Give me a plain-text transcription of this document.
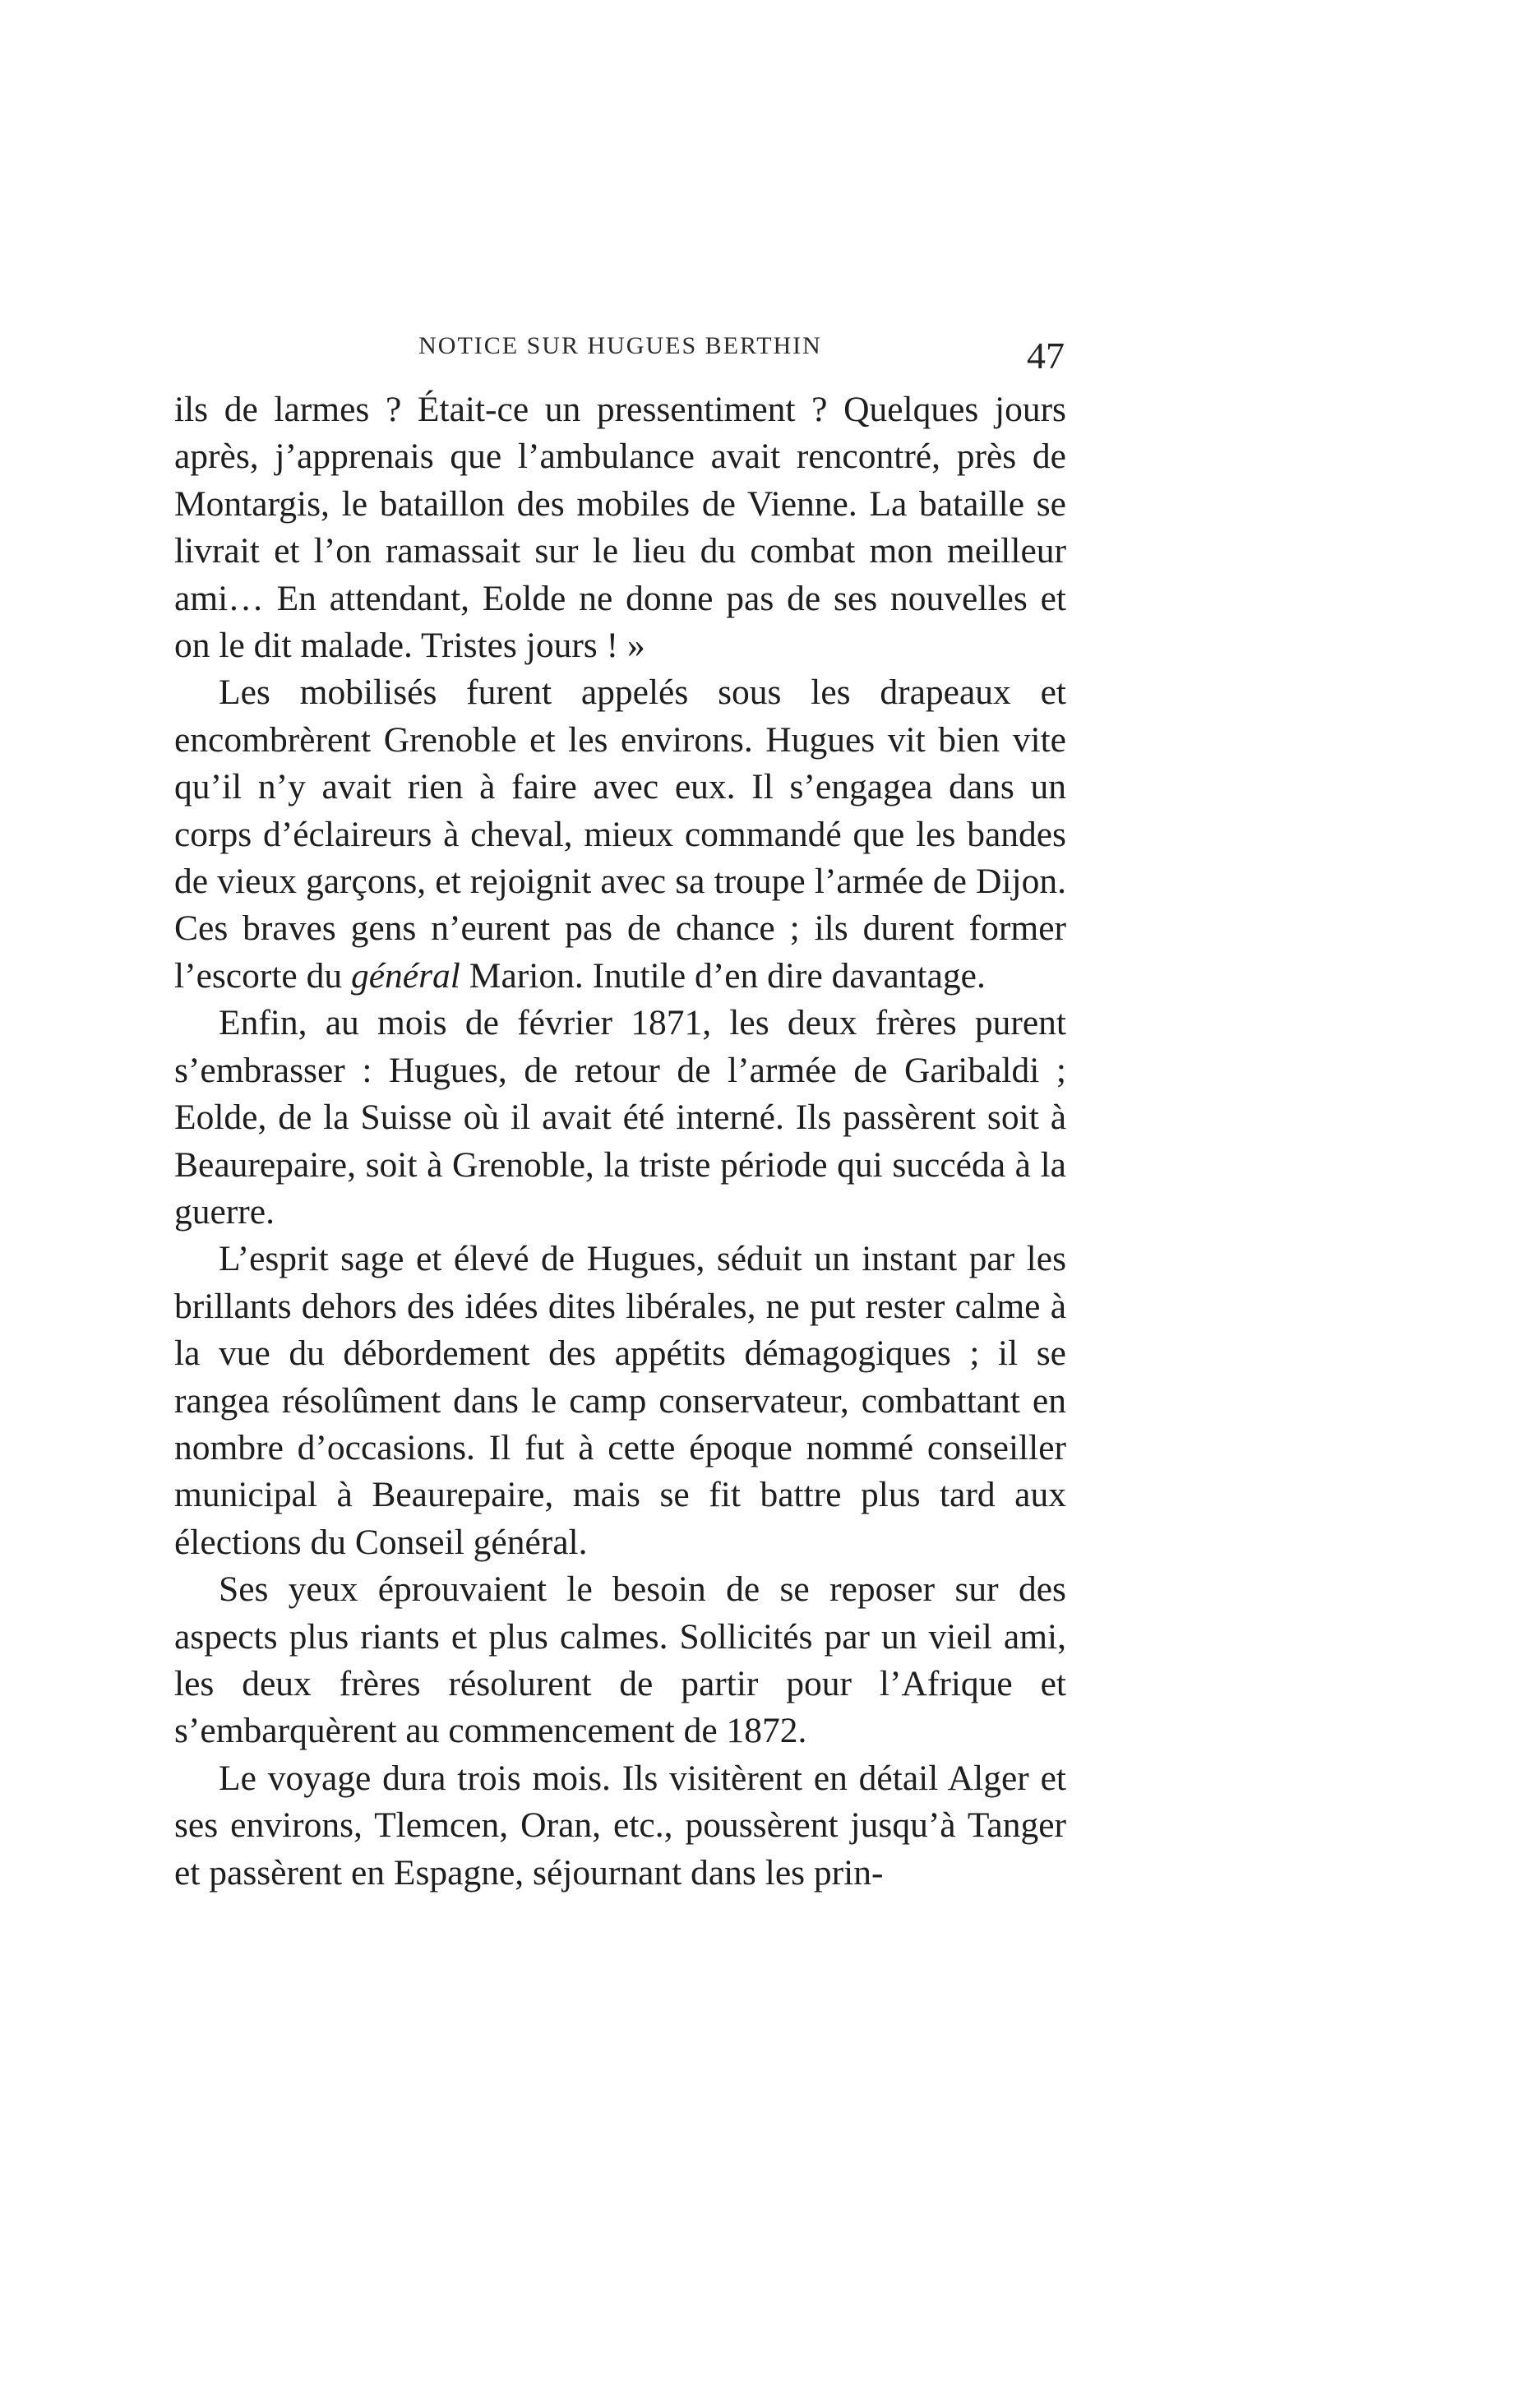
NOTICE SUR HUGUES BERTHIN	47

ils de larmes ? Était-ce un pressentiment ? Quelques jours après, j’apprenais que l’ambulance avait rencontré, près de Montargis, le bataillon des mobiles de Vienne. La bataille se livrait et l’on ramassait sur le lieu du combat mon meilleur ami… En attendant, Eolde ne donne pas de ses nouvelles et on le dit malade. Tristes jours ! »

Les mobilisés furent appelés sous les drapeaux et encombrèrent Grenoble et les environs. Hugues vit bien vite qu’il n’y avait rien à faire avec eux. Il s’engagea dans un corps d’éclaireurs à cheval, mieux commandé que les bandes de vieux garçons, et rejoignit avec sa troupe l’armée de Dijon. Ces braves gens n’eurent pas de chance ; ils durent former l’escorte du général Marion. Inutile d’en dire davantage.

Enfin, au mois de février 1871, les deux frères purent s’embrasser : Hugues, de retour de l’armée de Garibaldi ; Eolde, de la Suisse où il avait été interné. Ils passèrent soit à Beaurepaire, soit à Grenoble, la triste période qui succéda à la guerre.

L’esprit sage et élevé de Hugues, séduit un instant par les brillants dehors des idées dites libérales, ne put rester calme à la vue du débordement des appétits démagogiques ; il se rangea résolûment dans le camp conservateur, combattant en nombre d’occasions. Il fut à cette époque nommé conseiller municipal à Beaurepaire, mais se fit battre plus tard aux élections du Conseil général.

Ses yeux éprouvaient le besoin de se reposer sur des aspects plus riants et plus calmes. Sollicités par un vieil ami, les deux frères résolurent de partir pour l’Afrique et s’embarquèrent au commencement de 1872.

Le voyage dura trois mois. Ils visitèrent en détail Alger et ses environs, Tlemcen, Oran, etc., poussèrent jusqu’à Tanger et passèrent en Espagne, séjournant dans les prin-
